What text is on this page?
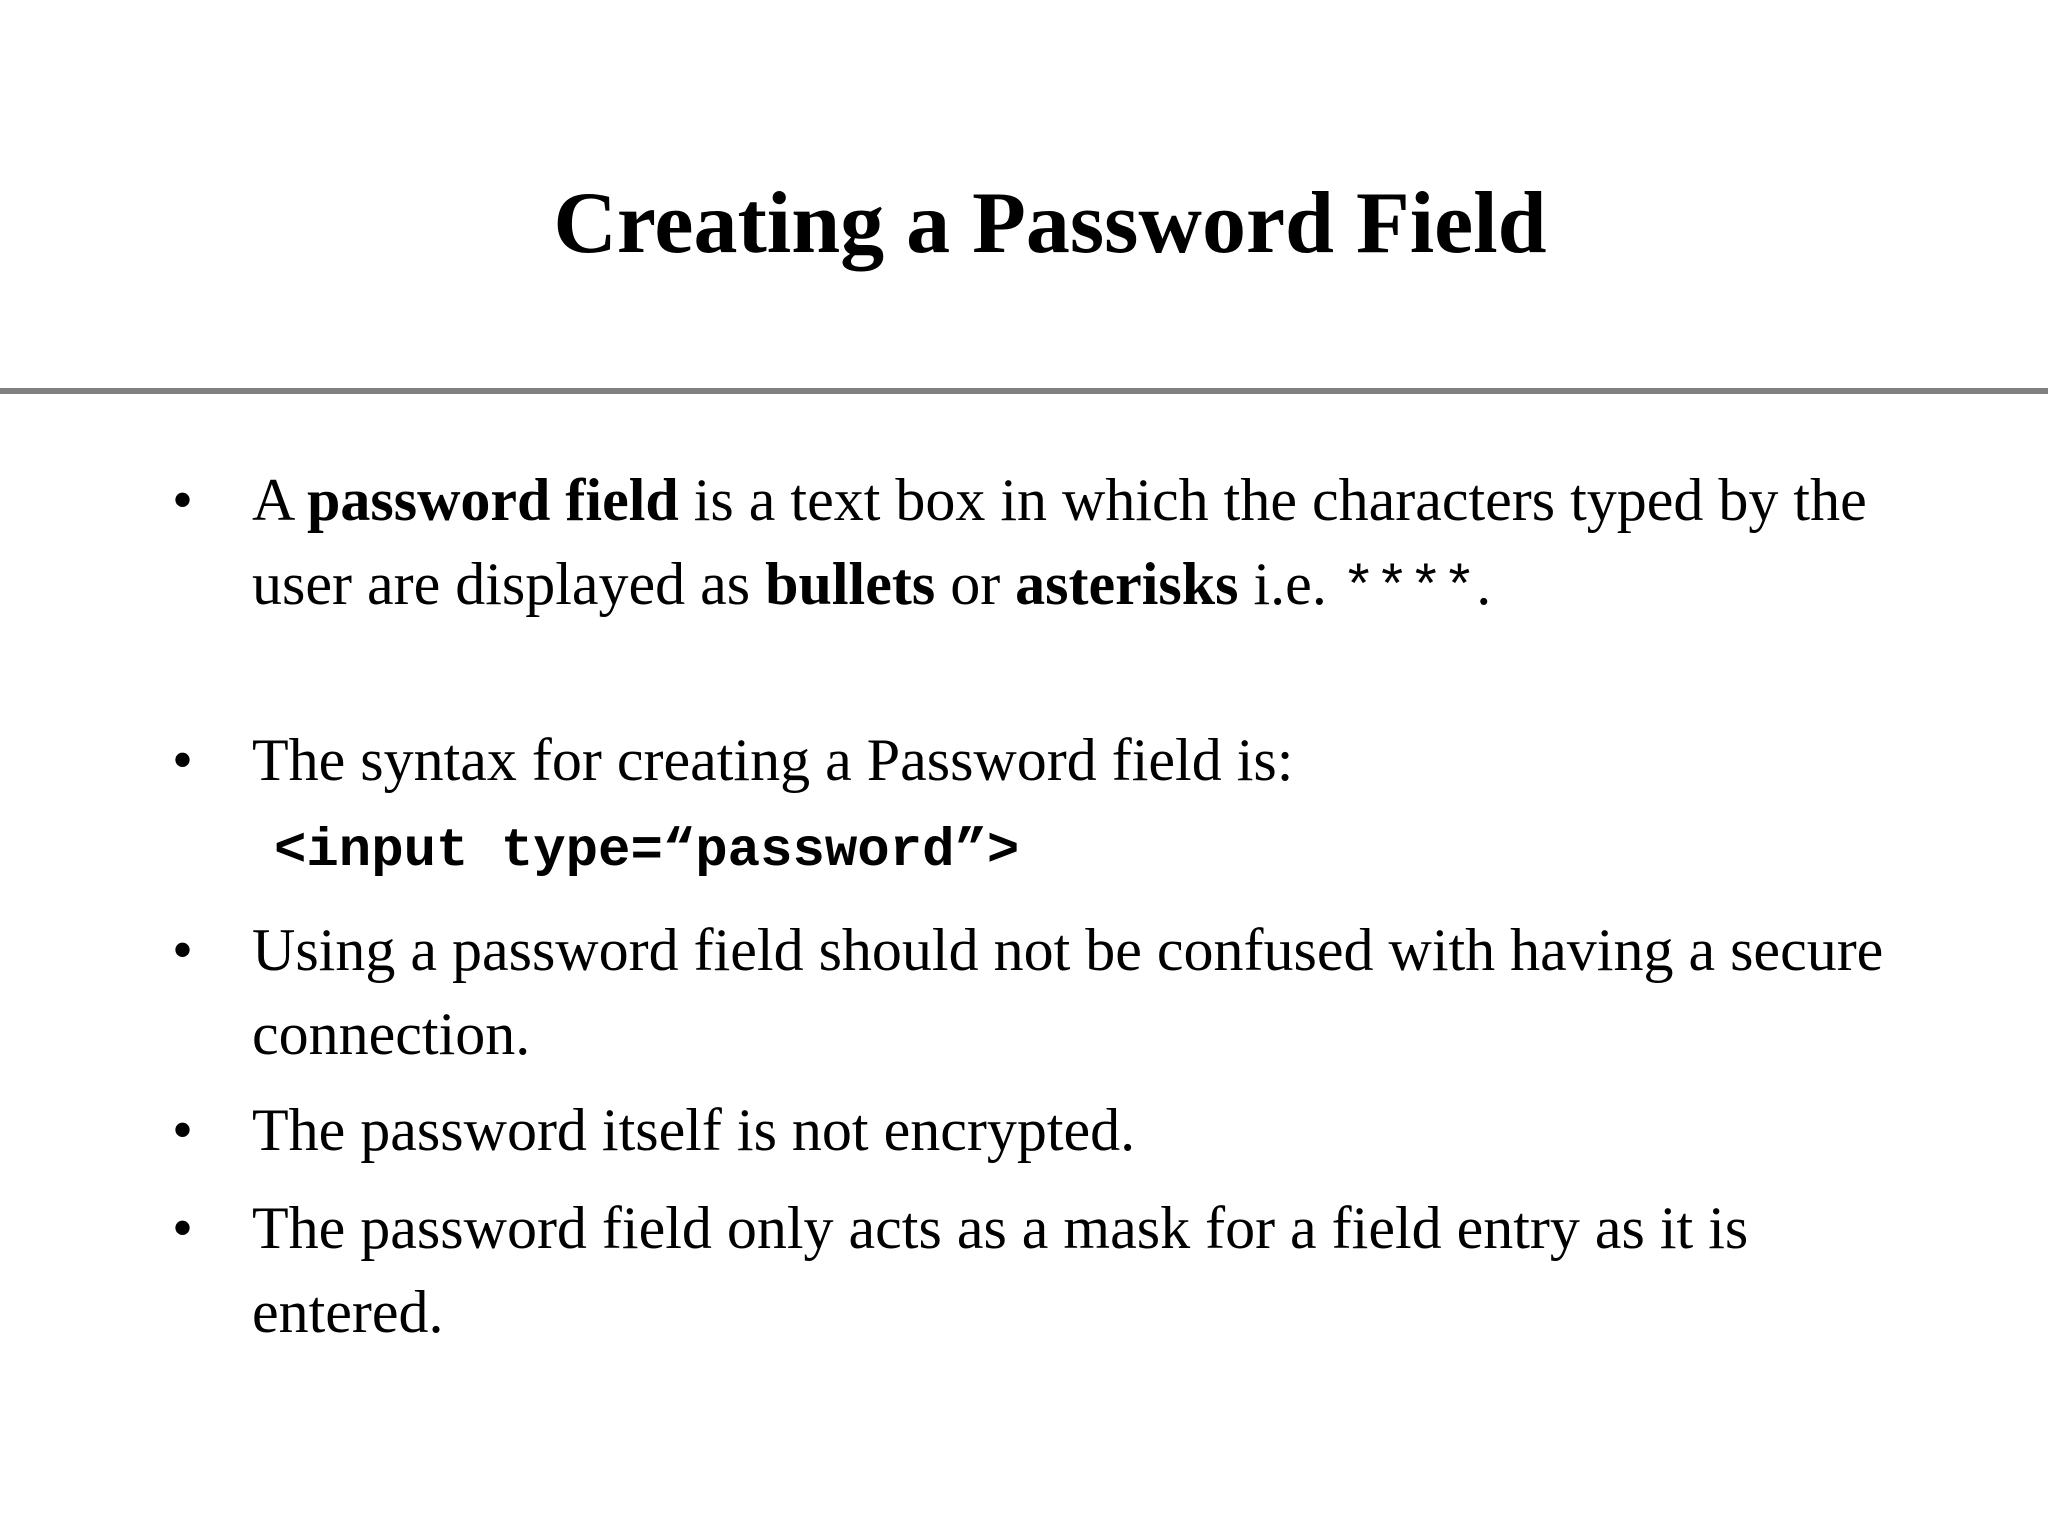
Creating a Password Field
• A password field is a text box in which the characters typed by the user are displayed as bullets or asterisks i.e. ****.
• The syntax for creating a Password field is:
<input type=“password”>
• Using a password field should not be confused with having a secure connection.
• The password itself is not encrypted.
• The password field only acts as a mask for a field entry as it is entered.
